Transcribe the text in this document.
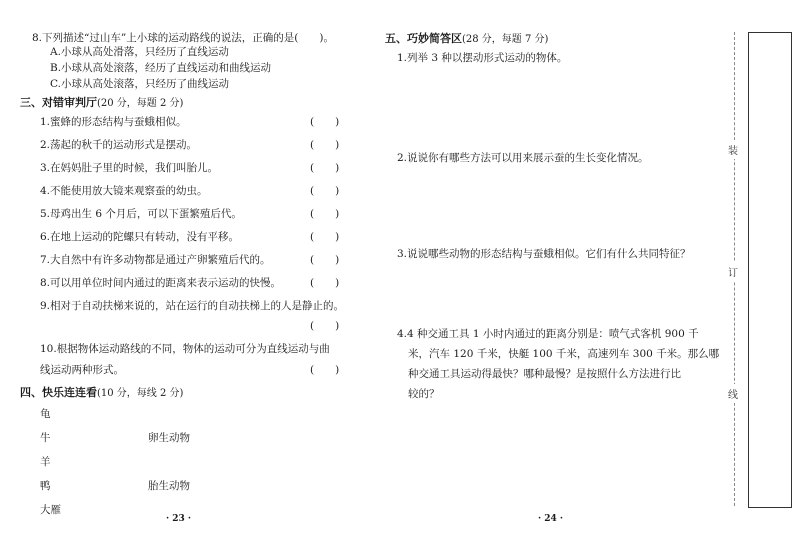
8.下列描述“过山车”上小球的运动路线的说法，正确的是(　　)。
A.小球从高处滑落，只经历了直线运动
B.小球从高处滚落，经历了直线运动和曲线运动
C.小球从高处滚落，只经历了曲线运动
三、对错审判厅(20 分，每题 2 分)
1.蜜蜂的形态结构与蚕蛾相似。	(　　)
2.荡起的秋千的运动形式是摆动。	(　　)
3.在妈妈肚子里的时候，我们叫胎儿。	(　　)
4.不能使用放大镜来观察蚕的幼虫。	(　　)
5.母鸡出生 6 个月后，可以下蛋繁殖后代。	(　　)
6.在地上运动的陀螺只有转动，没有平移。	(　　)
7.大自然中有许多动物都是通过产卵繁殖后代的。	(　　)
8.可以用单位时间内通过的距离来表示运动的快慢。	(　　)
9.相对于自动扶梯来说的，站在运行的自动扶梯上的人是静止的。
(　　)
10.根据物体运动路线的不同，物体的运动可分为直线运动与曲
线运动两种形式。	(　　)
四、快乐连连看(10 分，每线 2 分)
龟
牛
羊
鸭
大雁
卵生动物
胎生动物
· 23 ·
五、巧妙简答区(28 分，每题 7 分)
1.列举 3 种以摆动形式运动的物体。
2.说说你有哪些方法可以用来展示蚕的生长变化情况。
3.说说哪些动物的形态结构与蚕蛾相似。它们有什么共同特征？
4.4 种交通工具 1 小时内通过的距离分别是：喷气式客机 900 千
米，汽车 120 千米，快艇 100 千米，高速列车 300 千米。那么哪
种交通工具运动得最快？哪种最慢？是按照什么方法进行比
较的？
· 24 ·
装
订
线
